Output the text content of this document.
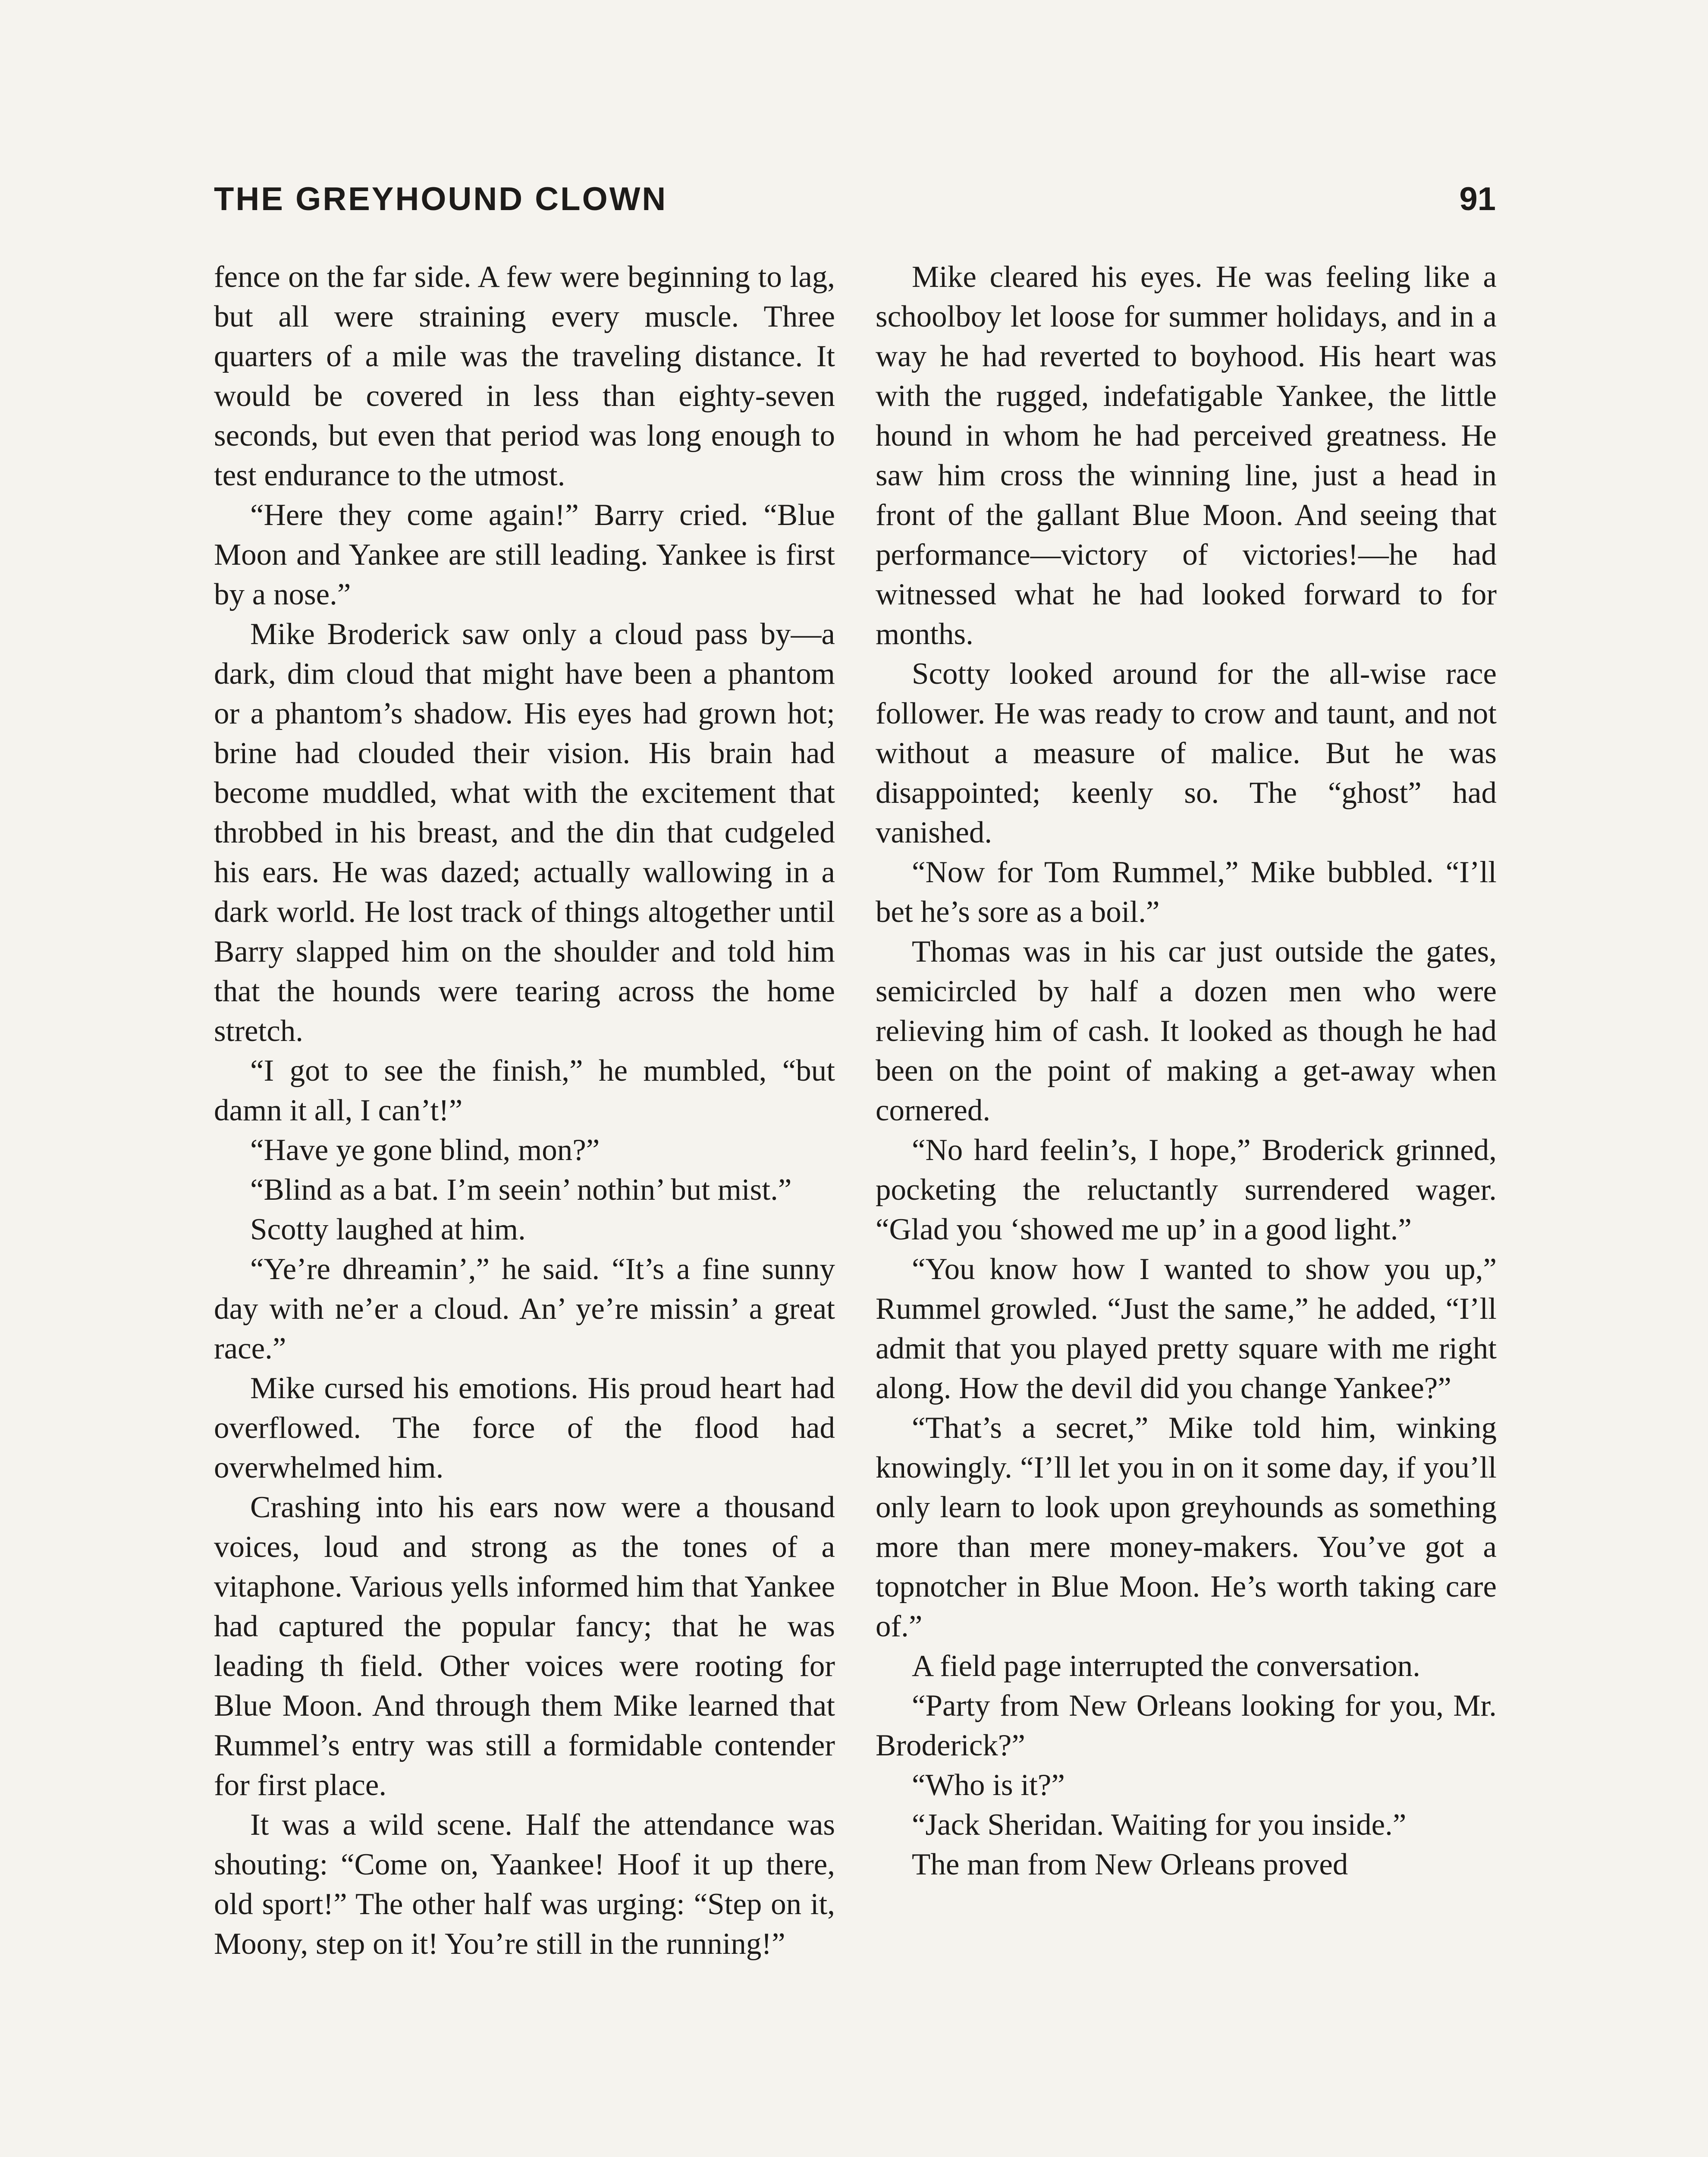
THE GREYHOUND CLOWN	91

fence on the far side. A few were beginning to lag, but all were straining every muscle. Three quarters of a mile was the traveling distance. It would be covered in less than eighty-seven seconds, but even that period was long enough to test endurance to the utmost.

“Here they come again!” Barry cried. “Blue Moon and Yankee are still leading. Yankee is first by a nose.”

Mike Broderick saw only a cloud pass by—a dark, dim cloud that might have been a phantom or a phantom’s shadow. His eyes had grown hot; brine had clouded their vision. His brain had become muddled, what with the excitement that throbbed in his breast, and the din that cudgeled his ears. He was dazed; actually wallowing in a dark world. He lost track of things altogether until Barry slapped him on the shoulder and told him that the hounds were tearing across the home stretch.

“I got to see the finish,” he mumbled, “but damn it all, I can’t!”

“Have ye gone blind, mon?”

“Blind as a bat. I’m seein’ nothin’ but mist.”

Scotty laughed at him.

“Ye’re dhreamin’,” he said. “It’s a fine sunny day with ne’er a cloud. An’ ye’re missin’ a great race.”

Mike cursed his emotions. His proud heart had overflowed. The force of the flood had overwhelmed him.

Crashing into his ears now were a thousand voices, loud and strong as the tones of a vitaphone. Various yells informed him that Yankee had captured the popular fancy; that he was leading th field. Other voices were rooting for Blue Moon. And through them Mike learned that Rummel’s entry was still a formidable contender for first place.

It was a wild scene. Half the attendance was shouting: “Come on, Yaankee! Hoof it up there, old sport!” The other half was urging: “Step on it, Moony, step on it! You’re still in the running!”

Mike cleared his eyes. He was feeling like a schoolboy let loose for summer holidays, and in a way he had reverted to boyhood. His heart was with the rugged, indefatigable Yankee, the little hound in whom he had perceived greatness. He saw him cross the winning line, just a head in front of the gallant Blue Moon. And seeing that performance—victory of victories!—he had witnessed what he had looked forward to for months.

Scotty looked around for the all-wise race follower. He was ready to crow and taunt, and not without a measure of malice. But he was disappointed; keenly so. The “ghost” had vanished.

“Now for Tom Rummel,” Mike bubbled. “I’ll bet he’s sore as a boil.”

Thomas was in his car just outside the gates, semicircled by half a dozen men who were relieving him of cash. It looked as though he had been on the point of making a get-away when cornered.

“No hard feelin’s, I hope,” Broderick grinned, pocketing the reluctantly surrendered wager. “Glad you ‘showed me up’ in a good light.”

“You know how I wanted to show you up,” Rummel growled. “Just the same,” he added, “I’ll admit that you played pretty square with me right along. How the devil did you change Yankee?”

“That’s a secret,” Mike told him, winking knowingly. “I’ll let you in on it some day, if you’ll only learn to look upon greyhounds as something more than mere money-makers. You’ve got a topnotcher in Blue Moon. He’s worth taking care of.”

A field page interrupted the conversation.

“Party from New Orleans looking for you, Mr. Broderick?”

“Who is it?”

“Jack Sheridan. Waiting for you inside.”

The man from New Orleans proved
